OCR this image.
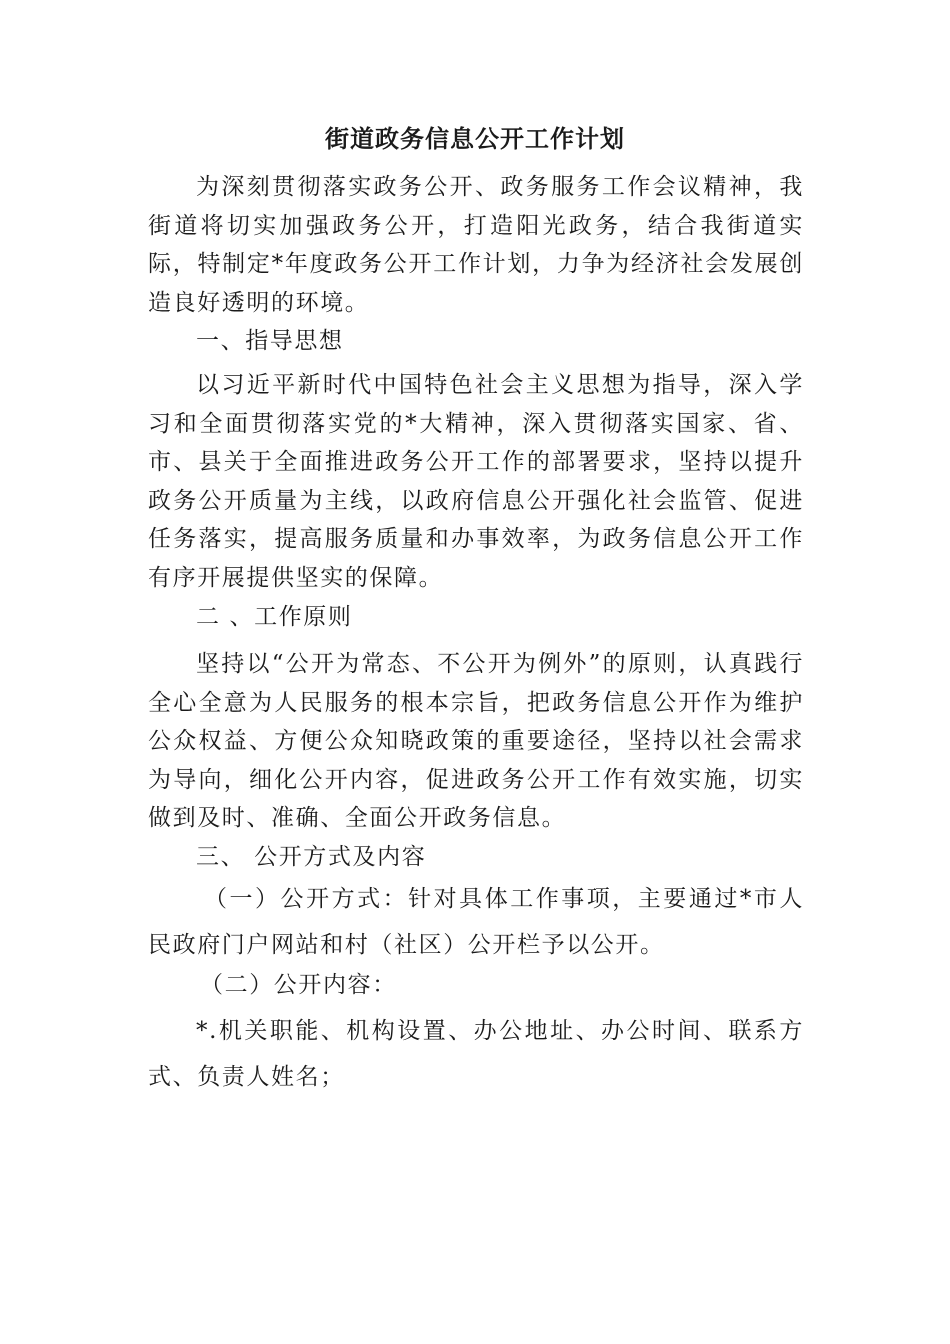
街道政务信息公开工作计划

为深刻贯彻落实政务公开、政务服务工作会议精神，我街道将切实加强政务公开，打造阳光政务，结合我街道实际，特制定*年度政务公开工作计划，力争为经济社会发展创造良好透明的环境。

一、指导思想

以习近平新时代中国特色社会主义思想为指导，深入学习和全面贯彻落实党的*大精神，深入贯彻落实国家、省、市、县关于全面推进政务公开工作的部署要求，坚持以提升政务公开质量为主线，以政府信息公开强化社会监管、促进任务落实，提高服务质量和办事效率，为政务信息公开工作有序开展提供坚实的保障。

二 、工作原则

坚持以“公开为常态、不公开为例外”的原则，认真践行全心全意为人民服务的根本宗旨，把政务信息公开作为维护公众权益、方便公众知晓政策的重要途径，坚持以社会需求为导向，细化公开内容，促进政务公开工作有效实施，切实做到及时、准确、全面公开政务信息。

三、 公开方式及内容

（一）公开方式：针对具体工作事项，主要通过*市人民政府门户网站和村（社区）公开栏予以公开。

（二）公开内容：

*.机关职能、机构设置、办公地址、办公时间、联系方式、负责人姓名；
